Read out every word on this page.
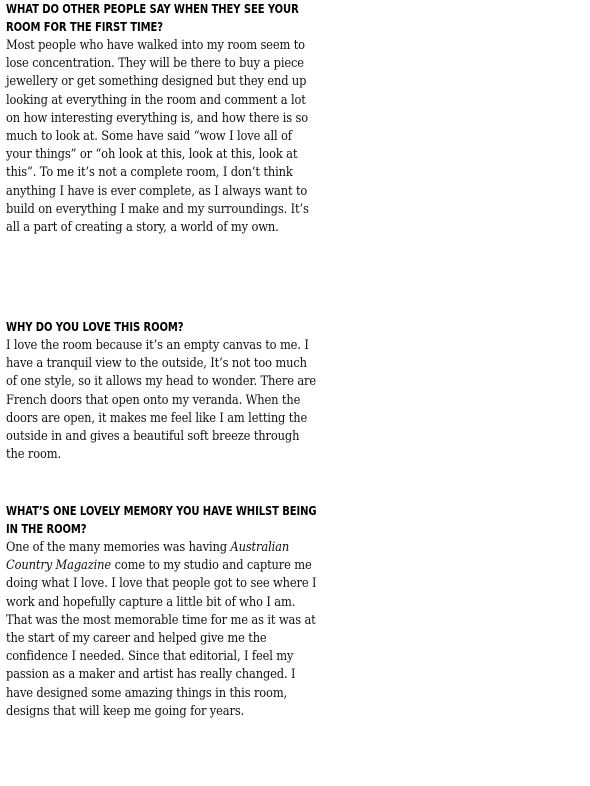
WHAT DO OTHER PEOPLE SAY WHEN THEY SEE YOUR ROOM FOR THE FIRST TIME?

Most people who have walked into my room seem to lose concentration. They will be there to buy a piece jewellery or get something designed but they end up looking at everything in the room and comment a lot on how interesting everything is, and how there is so much to look at. Some have said “wow I love all of your things” or “oh look at this, look at this, look at this”. To me it’s not a complete room, I don’t think anything I have is ever complete, as I always want to build on everything I make and my surroundings. It’s all a part of creating a story, a world of my own.

WHY DO YOU LOVE THIS ROOM?

I love the room because it’s an empty canvas to me. I have a tranquil view to the outside, It’s not too much of one style, so it allows my head to wonder. There are French doors that open onto my veranda. When the doors are open, it makes me feel like I am letting the outside in and gives a beautiful soft breeze through the room.

WHAT’S ONE LOVELY MEMORY YOU HAVE WHILST BEING IN THE ROOM?

One of the many memories was having Australian Country Magazine come to my studio and capture me doing what I love. I love that people got to see where I work and hopefully capture a little bit of who I am. That was the most memorable time for me as it was at the start of my career and helped give me the confidence I needed. Since that editorial, I feel my passion as a maker and artist has really changed. I have designed some amazing things in this room, designs that will keep me going for years.
